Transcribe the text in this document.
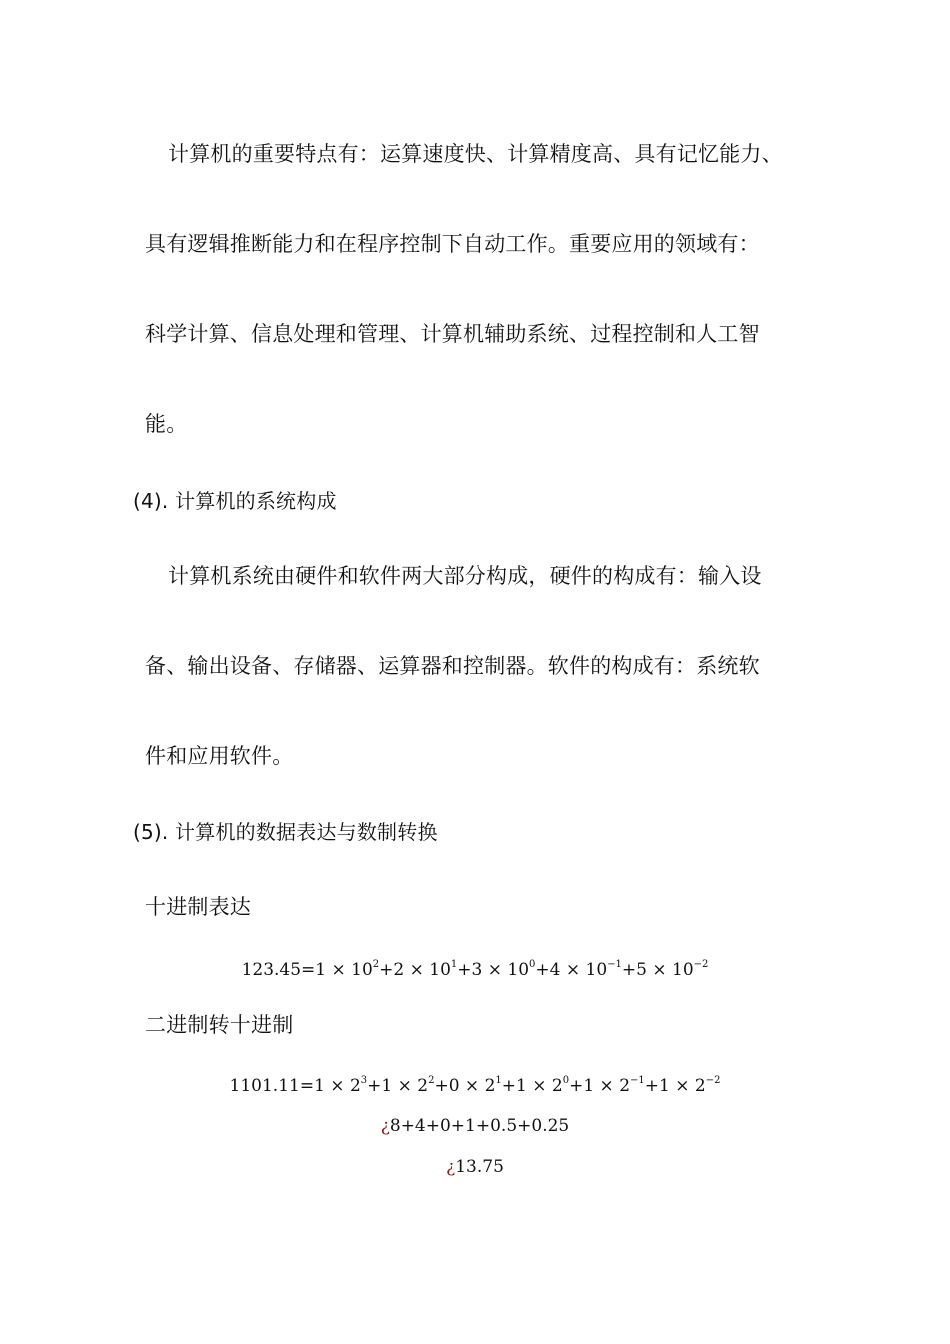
计算机的重要特点有：运算速度快、计算精度高、具有记忆能力、
具有逻辑推断能力和在程序控制下自动工作。重要应用的领域有：
科学计算、信息处理和管理、计算机辅助系统、过程控制和人工智
能。
(4). 计算机的系统构成
计算机系统由硬件和软件两大部分构成，硬件的构成有：输入设
备、输出设备、存储器、运算器和控制器。软件的构成有：系统软
件和应用软件。
(5). 计算机的数据表达与数制转换
十进制表达
$123.45=1 \times 10^2+2 \times 10^1+3 \times 10^0+4 \times 10^{-1}+5 \times 10^{-2}$
二进制转十进制
$1101.11=1 \times 2^3+1 \times 2^2+0 \times 2^1+1 \times 2^0+1 \times 2^{-1}+1 \times 2^{-2}$
¿8+4+0+1+0.5+0.25
¿13.75
